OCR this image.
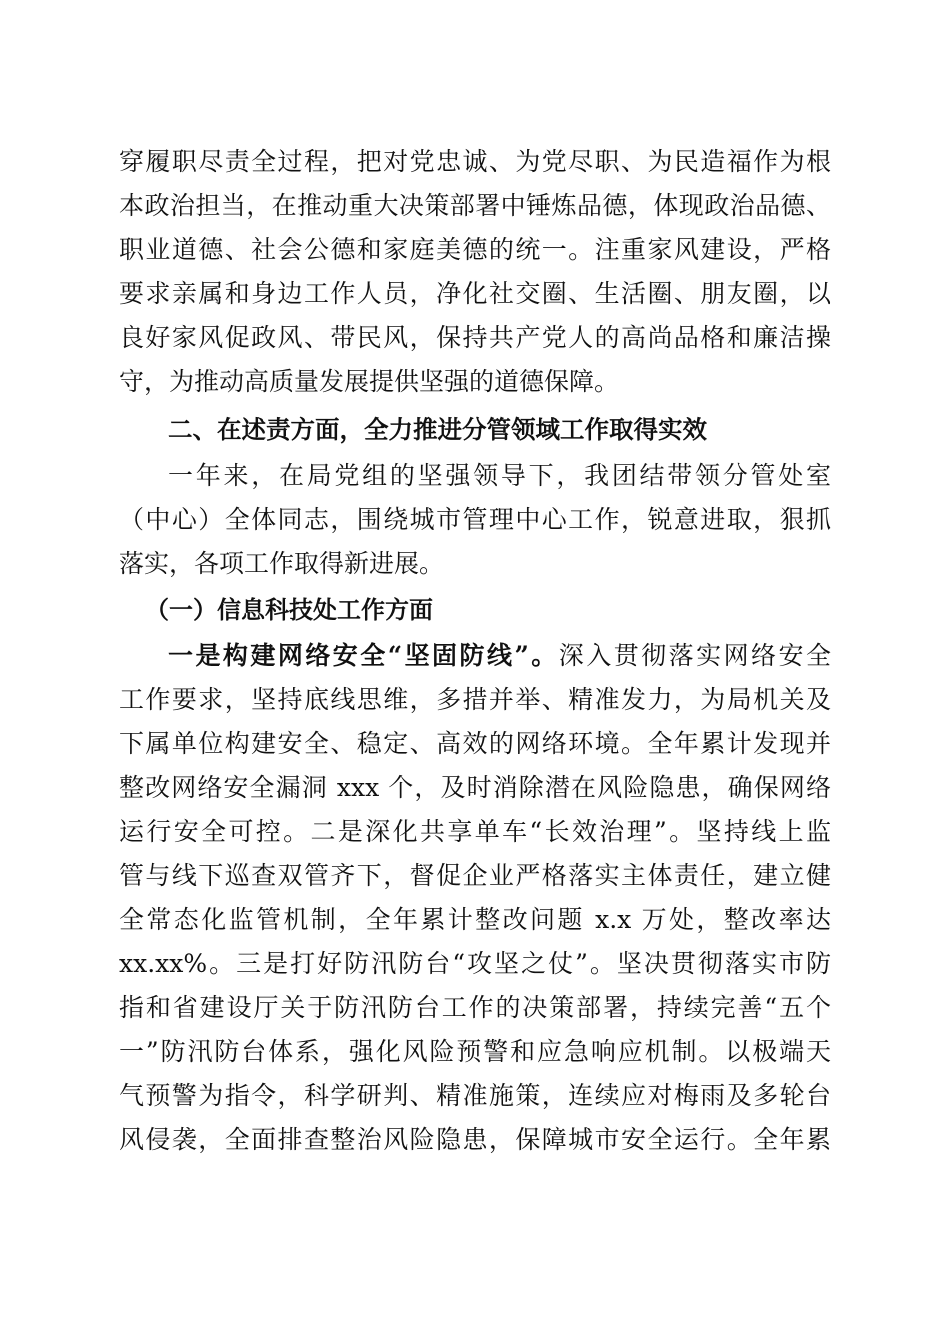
穿履职尽责全过程，把对党忠诚、为党尽职、为民造福作为根
本政治担当，在推动重大决策部署中锤炼品德，体现政治品德、
职业道德、社会公德和家庭美德的统一。注重家风建设，严格
要求亲属和身边工作人员，净化社交圈、生活圈、朋友圈，以
良好家风促政风、带民风，保持共产党人的高尚品格和廉洁操
守，为推动高质量发展提供坚强的道德保障。
二、在述责方面，全力推进分管领域工作取得实效
一年来，在局党组的坚强领导下，我团结带领分管处室
（中心）全体同志，围绕城市管理中心工作，锐意进取，狠抓
落实，各项工作取得新进展。
（一）信息科技处工作方面
一是构建网络安全“坚固防线”。深入贯彻落实网络安全
工作要求，坚持底线思维，多措并举、精准发力，为局机关及
下属单位构建安全、稳定、高效的网络环境。全年累计发现并
整改网络安全漏洞 xxx 个，及时消除潜在风险隐患，确保网络
运行安全可控。二是深化共享单车“长效治理”。坚持线上监
管与线下巡查双管齐下，督促企业严格落实主体责任，建立健
全常态化监管机制，全年累计整改问题 x.x 万处，整改率达
xx.xx%。三是打好防汛防台“攻坚之仗”。坚决贯彻落实市防
指和省建设厅关于防汛防台工作的决策部署，持续完善“五个
一”防汛防台体系，强化风险预警和应急响应机制。以极端天
气预警为指令，科学研判、精准施策，连续应对梅雨及多轮台
风侵袭，全面排查整治风险隐患，保障城市安全运行。全年累
